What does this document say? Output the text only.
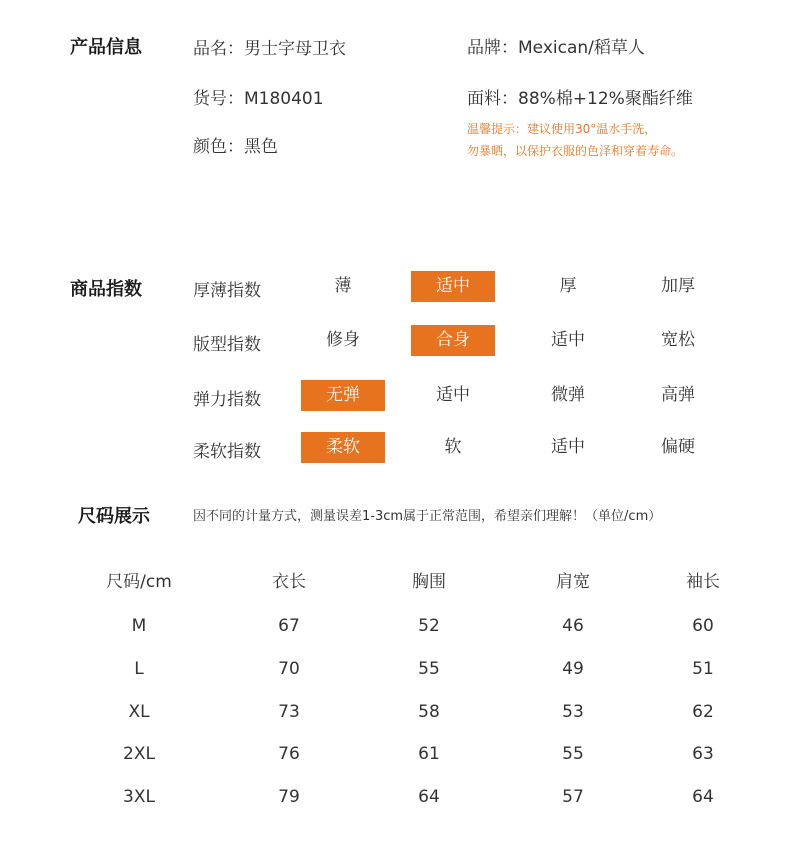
产品信息	品名：男士字母卫衣	品牌：Mexican/稻草人
货号：M180401	面料：88%棉+12%聚酯纤维
颜色：黑色
温馨提示：建议使用30°温水手洗，
勿暴晒，以保护衣服的色泽和穿着寿命。
商品指数	厚薄指数	薄	适中	厚	加厚
版型指数	修身	合身	适中	宽松
弹力指数	无弹	适中	微弹	高弹
柔软指数	柔软	软	适中	偏硬
尺码展示	因不同的计量方式，测量误差1-3cm属于正常范围，希望亲们理解！（单位/cm）
尺码/cm	衣长	胸围	肩宽	袖长
M	67	52	46	60
L	70	55	49	51
XL	73	58	53	62
2XL	76	61	55	63
3XL	79	64	57	64
